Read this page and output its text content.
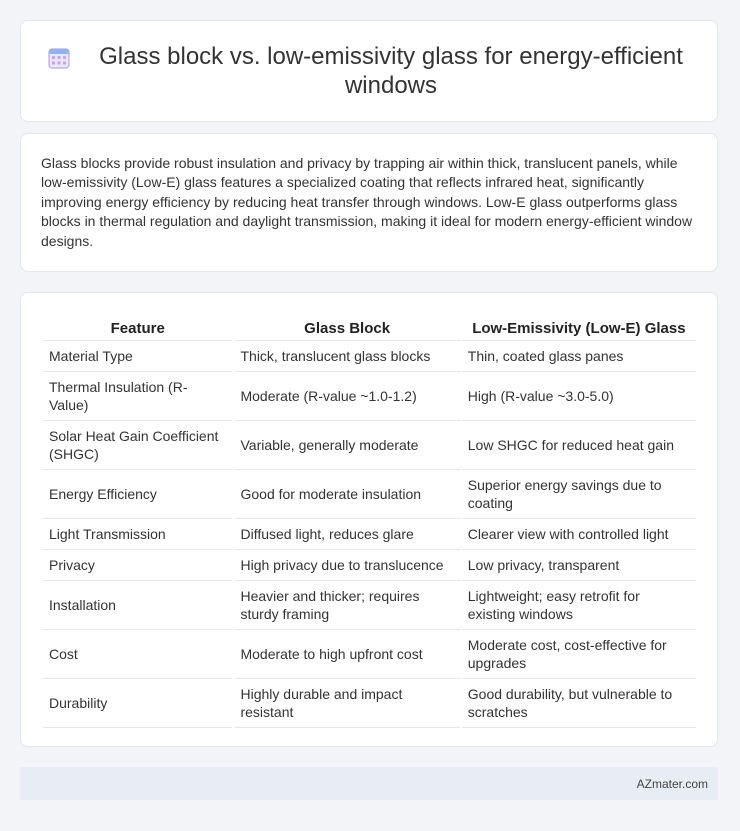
Glass block vs. low-emissivity glass for energy-efficient windows

Glass blocks provide robust insulation and privacy by trapping air within thick, translucent panels, while low-emissivity (Low-E) glass features a specialized coating that reflects infrared heat, significantly improving energy efficiency by reducing heat transfer through windows. Low-E glass outperforms glass blocks in thermal regulation and daylight transmission, making it ideal for modern energy-efficient window designs.

Feature	Glass Block	Low-Emissivity (Low-E) Glass
Material Type	Thick, translucent glass blocks	Thin, coated glass panes
Thermal Insulation (R-Value)	Moderate (R-value ~1.0-1.2)	High (R-value ~3.0-5.0)
Solar Heat Gain Coefficient (SHGC)	Variable, generally moderate	Low SHGC for reduced heat gain
Energy Efficiency	Good for moderate insulation	Superior energy savings due to coating
Light Transmission	Diffused light, reduces glare	Clearer view with controlled light
Privacy	High privacy due to translucence	Low privacy, transparent
Installation	Heavier and thicker; requires sturdy framing	Lightweight; easy retrofit for existing windows
Cost	Moderate to high upfront cost	Moderate cost, cost-effective for upgrades
Durability	Highly durable and impact resistant	Good durability, but vulnerable to scratches
AZmater.com
